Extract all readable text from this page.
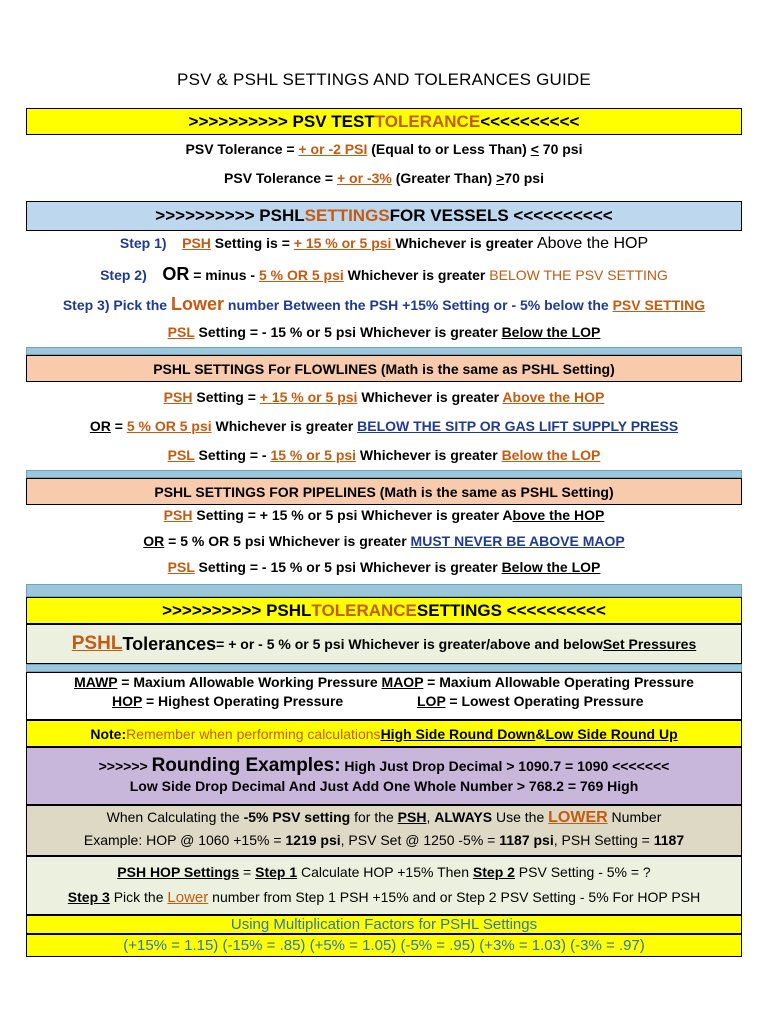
PSV & PSHL SETTINGS AND TOLERANCES GUIDE
>>>>>>>>>> PSV TEST TOLERANCE <<<<<<<<<<
PSV Tolerance = + or -2 PSI (Equal to or Less Than) < 70 psi
PSV Tolerance = + or -3% (Greater Than) >70 psi
>>>>>>>>>> PSHL SETTINGS FOR VESSELS <<<<<<<<<<
Step 1) PSH Setting is = + 15 % or 5 psi Whichever is greater Above the HOP
Step 2) OR = minus - 5 % OR 5 psi Whichever is greater BELOW THE PSV SETTING
Step 3) Pick the Lower number Between the PSH +15% Setting or - 5% below the PSV SETTING
PSL Setting = - 15 % or 5 psi Whichever is greater Below the LOP
PSHL SETTINGS For FLOWLINES (Math is the same as PSHL Setting)
PSH Setting = + 15 % or 5 psi Whichever is greater Above the HOP
OR = 5 % OR 5 psi Whichever is greater BELOW THE SITP OR GAS LIFT SUPPLY PRESS
PSL Setting = - 15 % or 5 psi Whichever is greater Below the LOP
PSHL SETTINGS FOR PIPELINES (Math is the same as PSHL Setting)
PSH Setting = + 15 % or 5 psi Whichever is greater Above the HOP
OR = 5 % OR 5 psi Whichever is greater MUST NEVER BE ABOVE MAOP
PSL Setting = - 15 % or 5 psi Whichever is greater Below the LOP
>>>>>>>>>> PSHL TOLERANCE SETTINGS <<<<<<<<<<
PSHL Tolerances = + or - 5 % or 5 psi Whichever is greater/above and below Set Pressures
MAWP = Maxium Allowable Working Pressure MAOP = Maxium Allowable Operating Pressure
HOP = Highest Operating Pressure	LOP = Lowest Operating Pressure
Note: Remember when performing calculations High Side Round Down & Low Side Round Up
>>>>>> Rounding Examples: High Just Drop Decimal > 1090.7 = 1090 <<<<<<<
Low Side Drop Decimal And Just Add One Whole Number > 768.2 = 769 High
When Calculating the -5% PSV setting for the PSH, ALWAYS Use the LOWER Number
Example: HOP @ 1060 +15% = 1219 psi, PSV Set @ 1250 -5% = 1187 psi, PSH Setting = 1187
PSH HOP Settings = Step 1 Calculate HOP +15% Then Step 2 PSV Setting - 5% = ?
Step 3 Pick the Lower number from Step 1 PSH +15% and or Step 2 PSV Setting - 5% For HOP PSH
Using Multiplication Factors for PSHL Settings
(+15% = 1.15) (-15% = .85) (+5% = 1.05) (-5% = .95) (+3% = 1.03) (-3% = .97)
